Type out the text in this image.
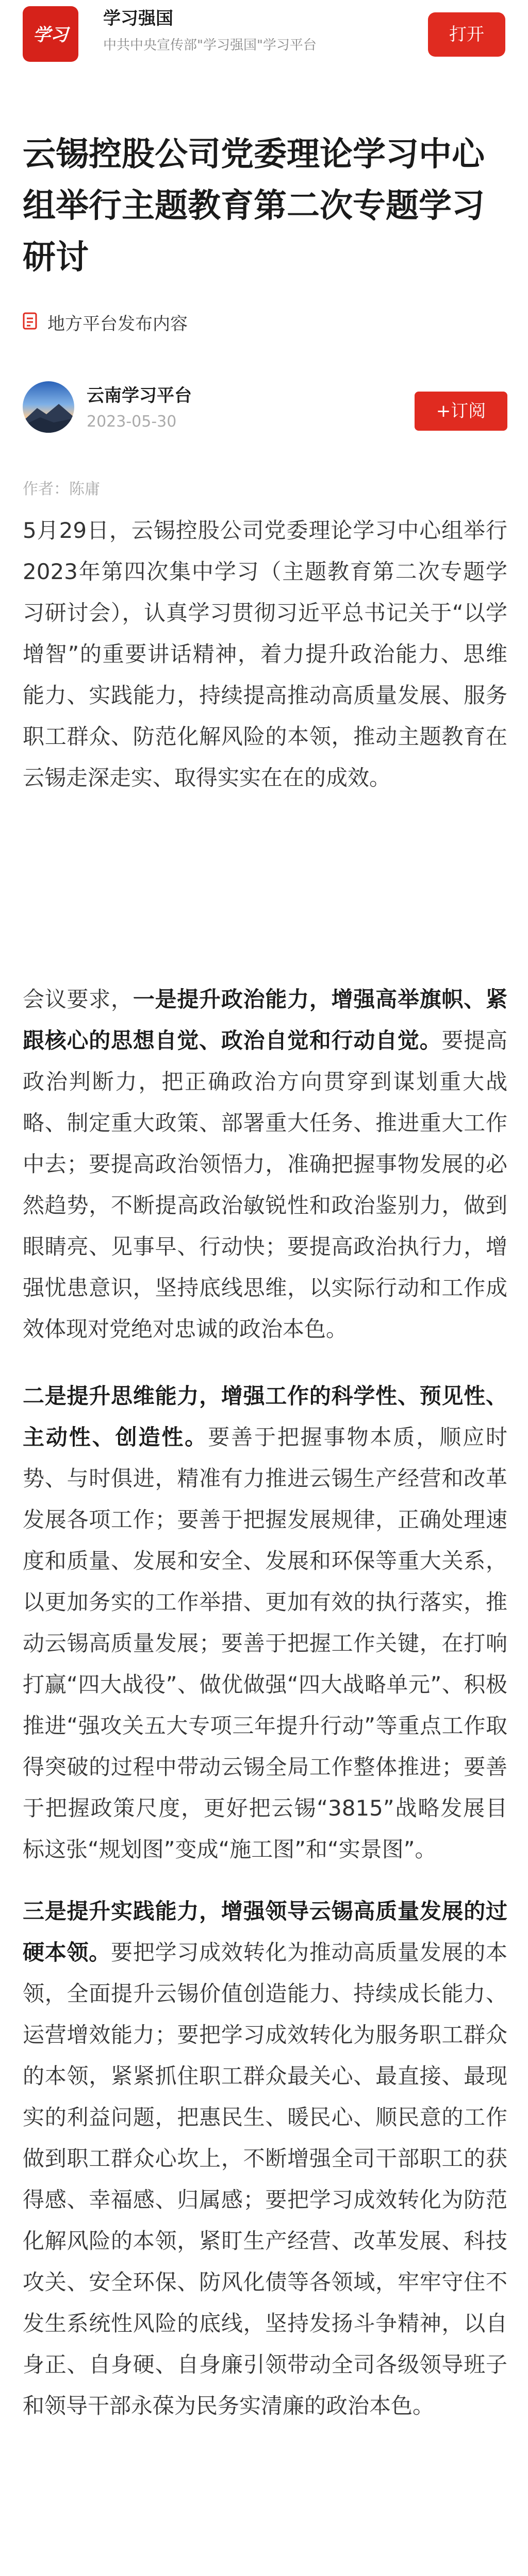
学习
学习强国
中共中央宣传部"学习强国"学习平台
打开
云锡控股公司党委理论学习中心组举行主题教育第二次专题学习研讨
地方平台发布内容
云南学习平台
2023-05-30
+订阅
作者：陈庸

5月29日，云锡控股公司党委理论学习中心组举行2023年第四次集中学习（主题教育第二次专题学习研讨会），认真学习贯彻习近平总书记关于“以学增智”的重要讲话精神，着力提升政治能力、思维能力、实践能力，持续提高推动高质量发展、服务职工群众、防范化解风险的本领，推动主题教育在云锡走深走实、取得实实在在的成效。

会议要求，一是提升政治能力，增强高举旗帜、紧跟核心的思想自觉、政治自觉和行动自觉。要提高政治判断力，把正确政治方向贯穿到谋划重大战略、制定重大政策、部署重大任务、推进重大工作中去；要提高政治领悟力，准确把握事物发展的必然趋势，不断提高政治敏锐性和政治鉴别力，做到眼睛亮、见事早、行动快；要提高政治执行力，增强忧患意识，坚持底线思维，以实际行动和工作成效体现对党绝对忠诚的政治本色。

二是提升思维能力，增强工作的科学性、预见性、主动性、创造性。要善于把握事物本质，顺应时势、与时俱进，精准有力推进云锡生产经营和改革发展各项工作；要善于把握发展规律，正确处理速度和质量、发展和安全、发展和环保等重大关系，以更加务实的工作举措、更加有效的执行落实，推动云锡高质量发展；要善于把握工作关键，在打响打赢“四大战役”、做优做强“四大战略单元”、积极推进“强攻关五大专项三年提升行动”等重点工作取得突破的过程中带动云锡全局工作整体推进；要善于把握政策尺度，更好把云锡“3815”战略发展目标这张“规划图”变成“施工图”和“实景图”。

三是提升实践能力，增强领导云锡高质量发展的过硬本领。要把学习成效转化为推动高质量发展的本领，全面提升云锡价值创造能力、持续成长能力、运营增效能力；要把学习成效转化为服务职工群众的本领，紧紧抓住职工群众最关心、最直接、最现实的利益问题，把惠民生、暖民心、顺民意的工作做到职工群众心坎上，不断增强全司干部职工的获得感、幸福感、归属感；要把学习成效转化为防范化解风险的本领，紧盯生产经营、改革发展、科技攻关、安全环保、防风化债等各领域，牢牢守住不发生系统性风险的底线，坚持发扬斗争精神，以自身正、自身硬、自身廉引领带动全司各级领导班子和领导干部永葆为民务实清廉的政治本色。
